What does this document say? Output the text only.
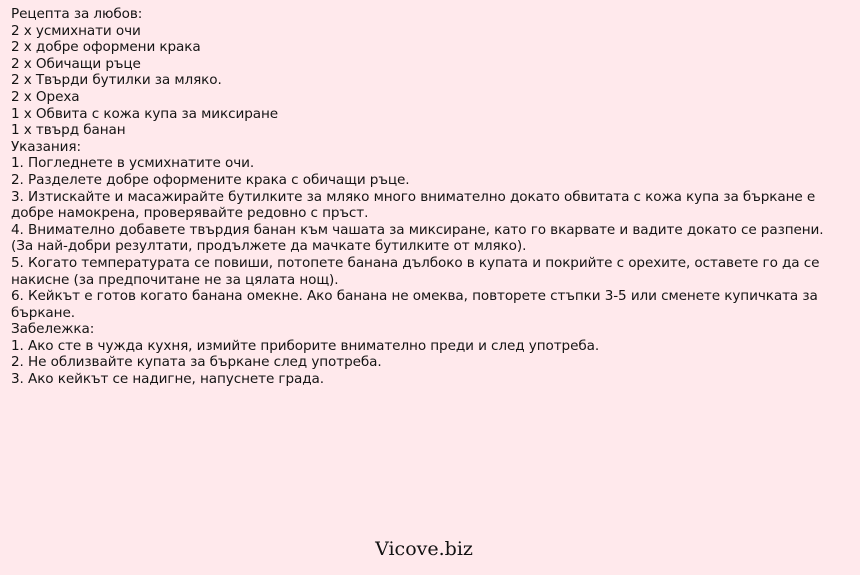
Рецепта за любов:
2 х усмихнати очи
2 х добре оформени крака
2 х Обичащи ръце
2 х Твърди бутилки за мляко.
2 х Ореха
1 х Обвита с кожа купа за миксиране
1 х твърд банан
Указания:
1. Погледнете в усмихнатите очи.
2. Разделете добре оформените крака с обичащи ръце.
3. Изтискайте и масажирайте бутилките за мляко много внимателно докато обвитата с кожа купа за бъркане е добре намокрена, проверявайте редовно с пръст.
4. Внимателно добавете твърдия банан към чашата за миксиране, като го вкарвате и вадите докато се разпени.
(За най-добри резултати, продължете да мачкате бутилките от мляко).
5. Когато температурата се повиши, потопете банана дълбоко в купата и покрийте с орехите, оставете го да се накисне (за предпочитане не за цялата нощ).
6. Кейкът е готов когато банана омекне. Ако банана не омеква, повторете стъпки 3-5 или сменете купичката за бъркане.
Забележка:
1. Ако сте в чужда кухня, измийте приборите внимателно преди и след употреба.
2. Не облизвайте купата за бъркане след употреба.
3. Ако кейкът се надигне, напуснете града.
Vicove.biz
